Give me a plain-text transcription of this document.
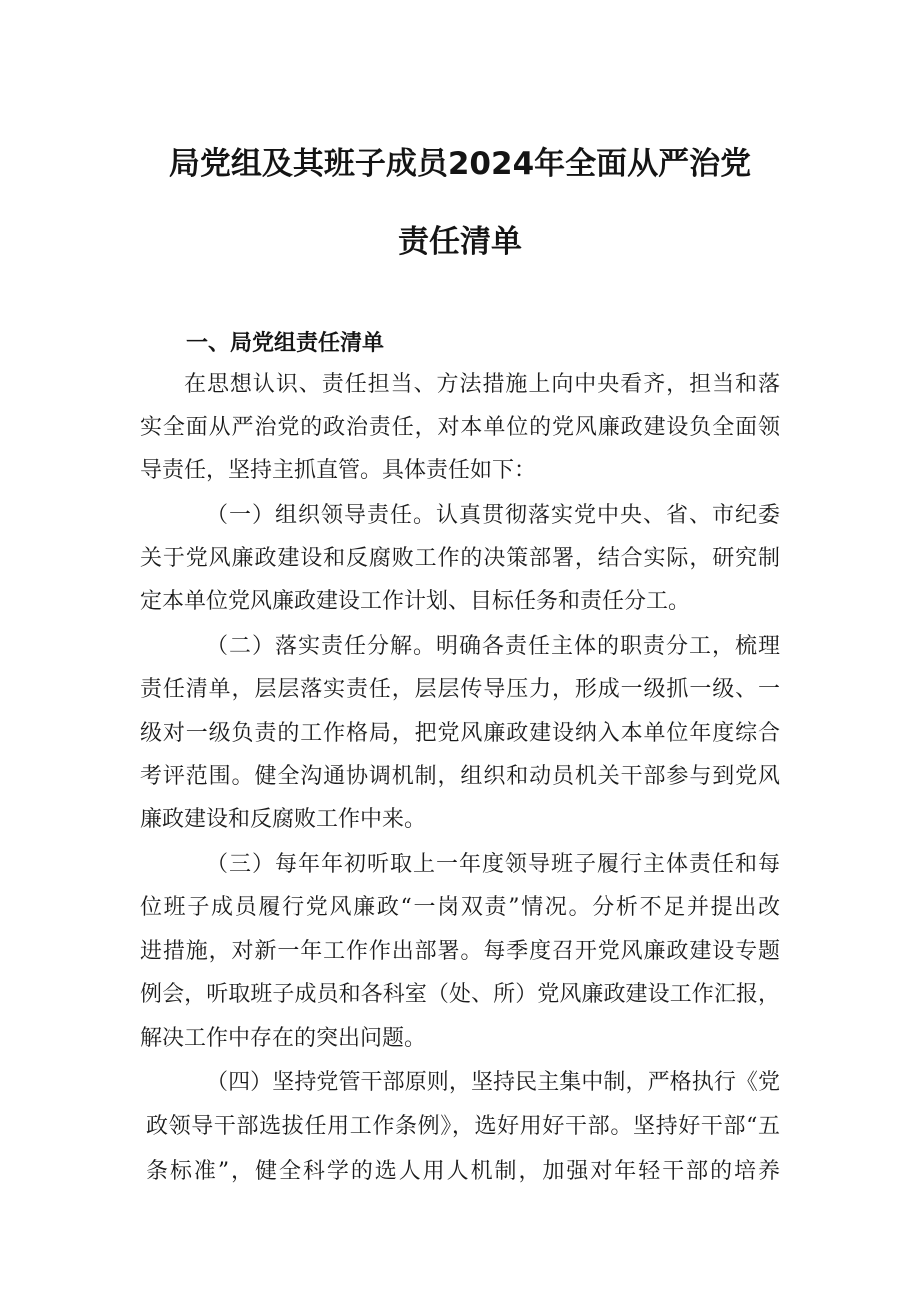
局党组及其班子成员2024年全面从严治党
责任清单
一、局党组责任清单
在思想认识、责任担当、方法措施上向中央看齐，担当和落
实全面从严治党的政治责任，对本单位的党风廉政建设负全面领
导责任，坚持主抓直管。具体责任如下：
（一）组织领导责任。认真贯彻落实党中央、省、市纪委
关于党风廉政建设和反腐败工作的决策部署，结合实际，研究制
定本单位党风廉政建设工作计划、目标任务和责任分工。
（二）落实责任分解。明确各责任主体的职责分工，梳理
责任清单，层层落实责任，层层传导压力，形成一级抓一级、一
级对一级负责的工作格局，把党风廉政建设纳入本单位年度综合
考评范围。健全沟通协调机制，组织和动员机关干部参与到党风
廉政建设和反腐败工作中来。
（三）每年年初听取上一年度领导班子履行主体责任和每
位班子成员履行党风廉政“一岗双责”情况。分析不足并提出改
进措施，对新一年工作作出部署。每季度召开党风廉政建设专题
例会，听取班子成员和各科室（处、所）党风廉政建设工作汇报，
解决工作中存在的突出问题。
（四）坚持党管干部原则，坚持民主集中制，严格执行《党
政领导干部选拔任用工作条例》，选好用好干部。坚持好干部“五
条标准”，健全科学的选人用人机制，加强对年轻干部的培养
